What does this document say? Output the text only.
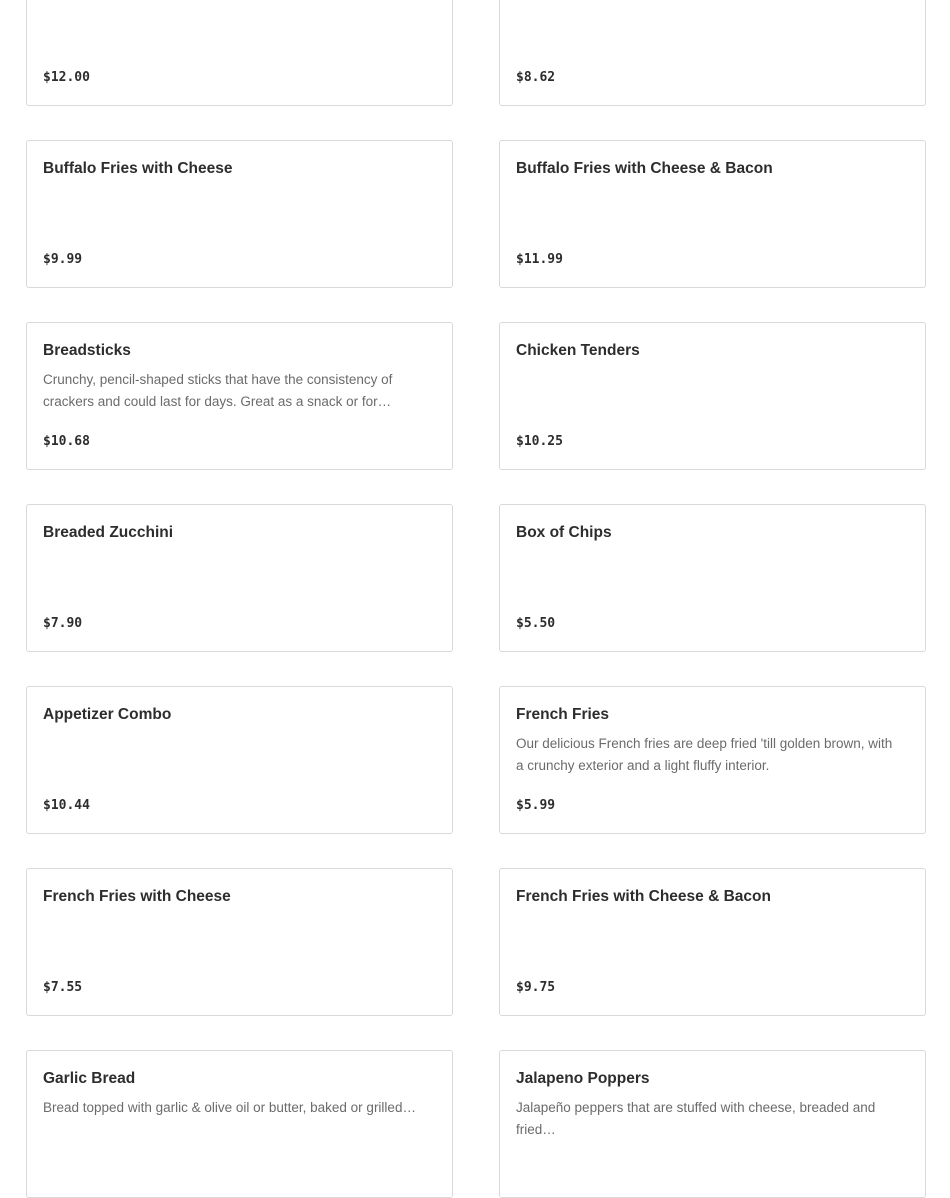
$12.00	$8.62
Buffalo Fries with Cheese
$9.99
Buffalo Fries with Cheese & Bacon
$11.99
Breadsticks
Crunchy, pencil-shaped sticks that have the consistency of crackers and could last for days. Great as a snack or for…
$10.68
Chicken Tenders
$10.25
Breaded Zucchini
$7.90
Box of Chips
$5.50
Appetizer Combo
$10.44
French Fries
Our delicious French fries are deep fried 'till golden brown, with a crunchy exterior and a light fluffy interior.
$5.99
French Fries with Cheese
$7.55
French Fries with Cheese & Bacon
$9.75
Garlic Bread
Bread topped with garlic & olive oil or butter, baked or grilled…
Jalapeno Poppers
Jalapeño peppers that are stuffed with cheese, breaded and fried…
